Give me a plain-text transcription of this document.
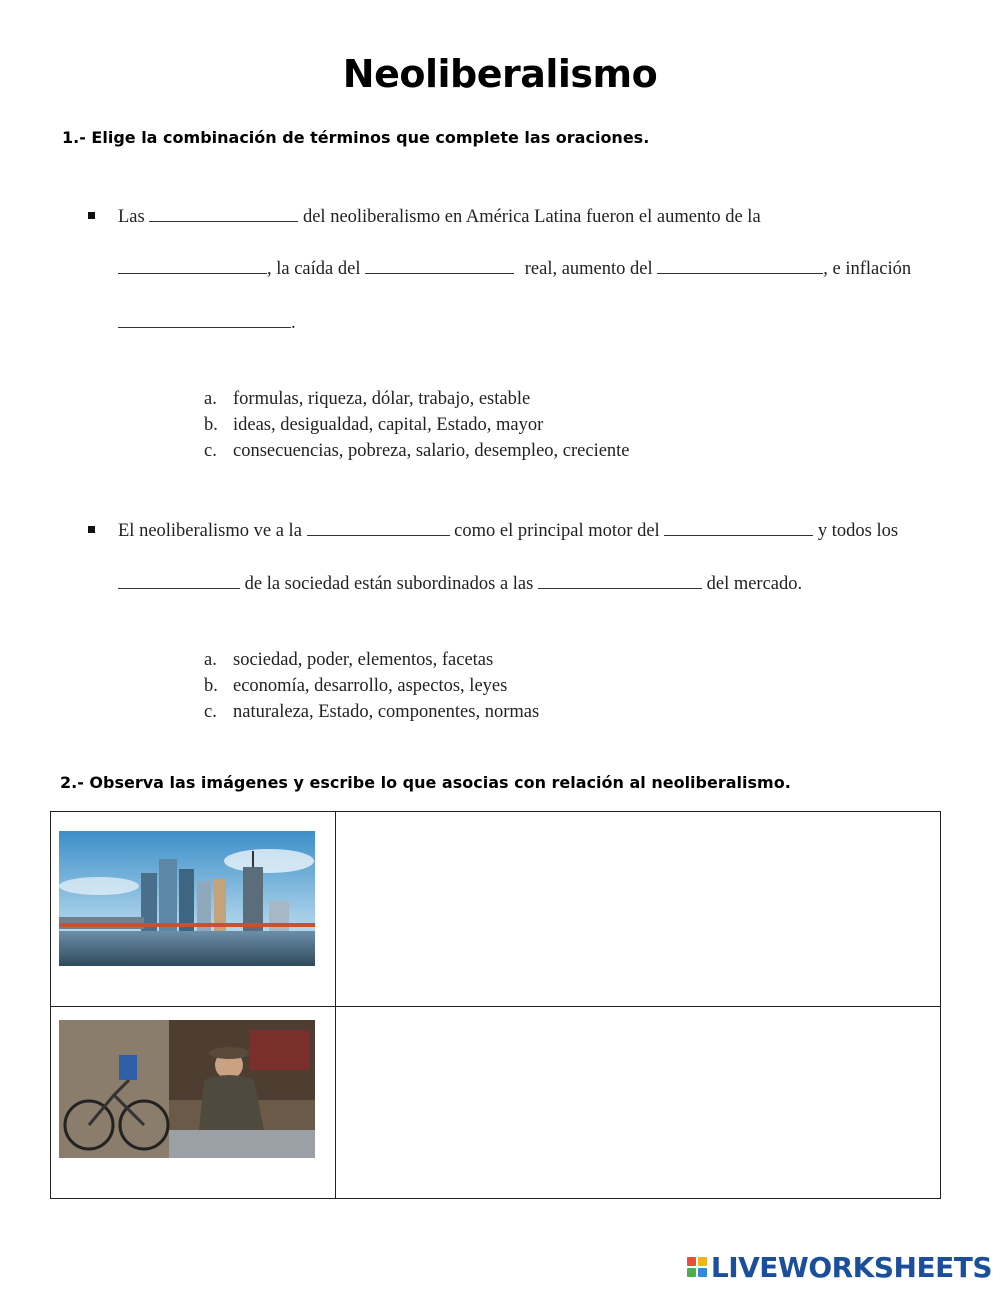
Neoliberalismo
1.- Elige la combinación de términos que complete las oraciones.
Las	del neoliberalismo en América Latina fueron el aumento de la
, la caída del	real, aumento del	, e inflación
.
a. formulas, riqueza, dólar, trabajo, estable
b. ideas, desigualdad, capital, Estado, mayor
c. consecuencias, pobreza, salario, desempleo, creciente
El neoliberalismo ve a la	como el principal motor del	y todos los
de la sociedad están subordinados a las	del mercado.
a. sociedad, poder, elementos, facetas
b. economía, desarrollo, aspectos, leyes
c. naturaleza, Estado, componentes, normas
2.- Observa las imágenes y escribe lo que asocias con relación al neoliberalismo.
LIVEWORKSHEETS
